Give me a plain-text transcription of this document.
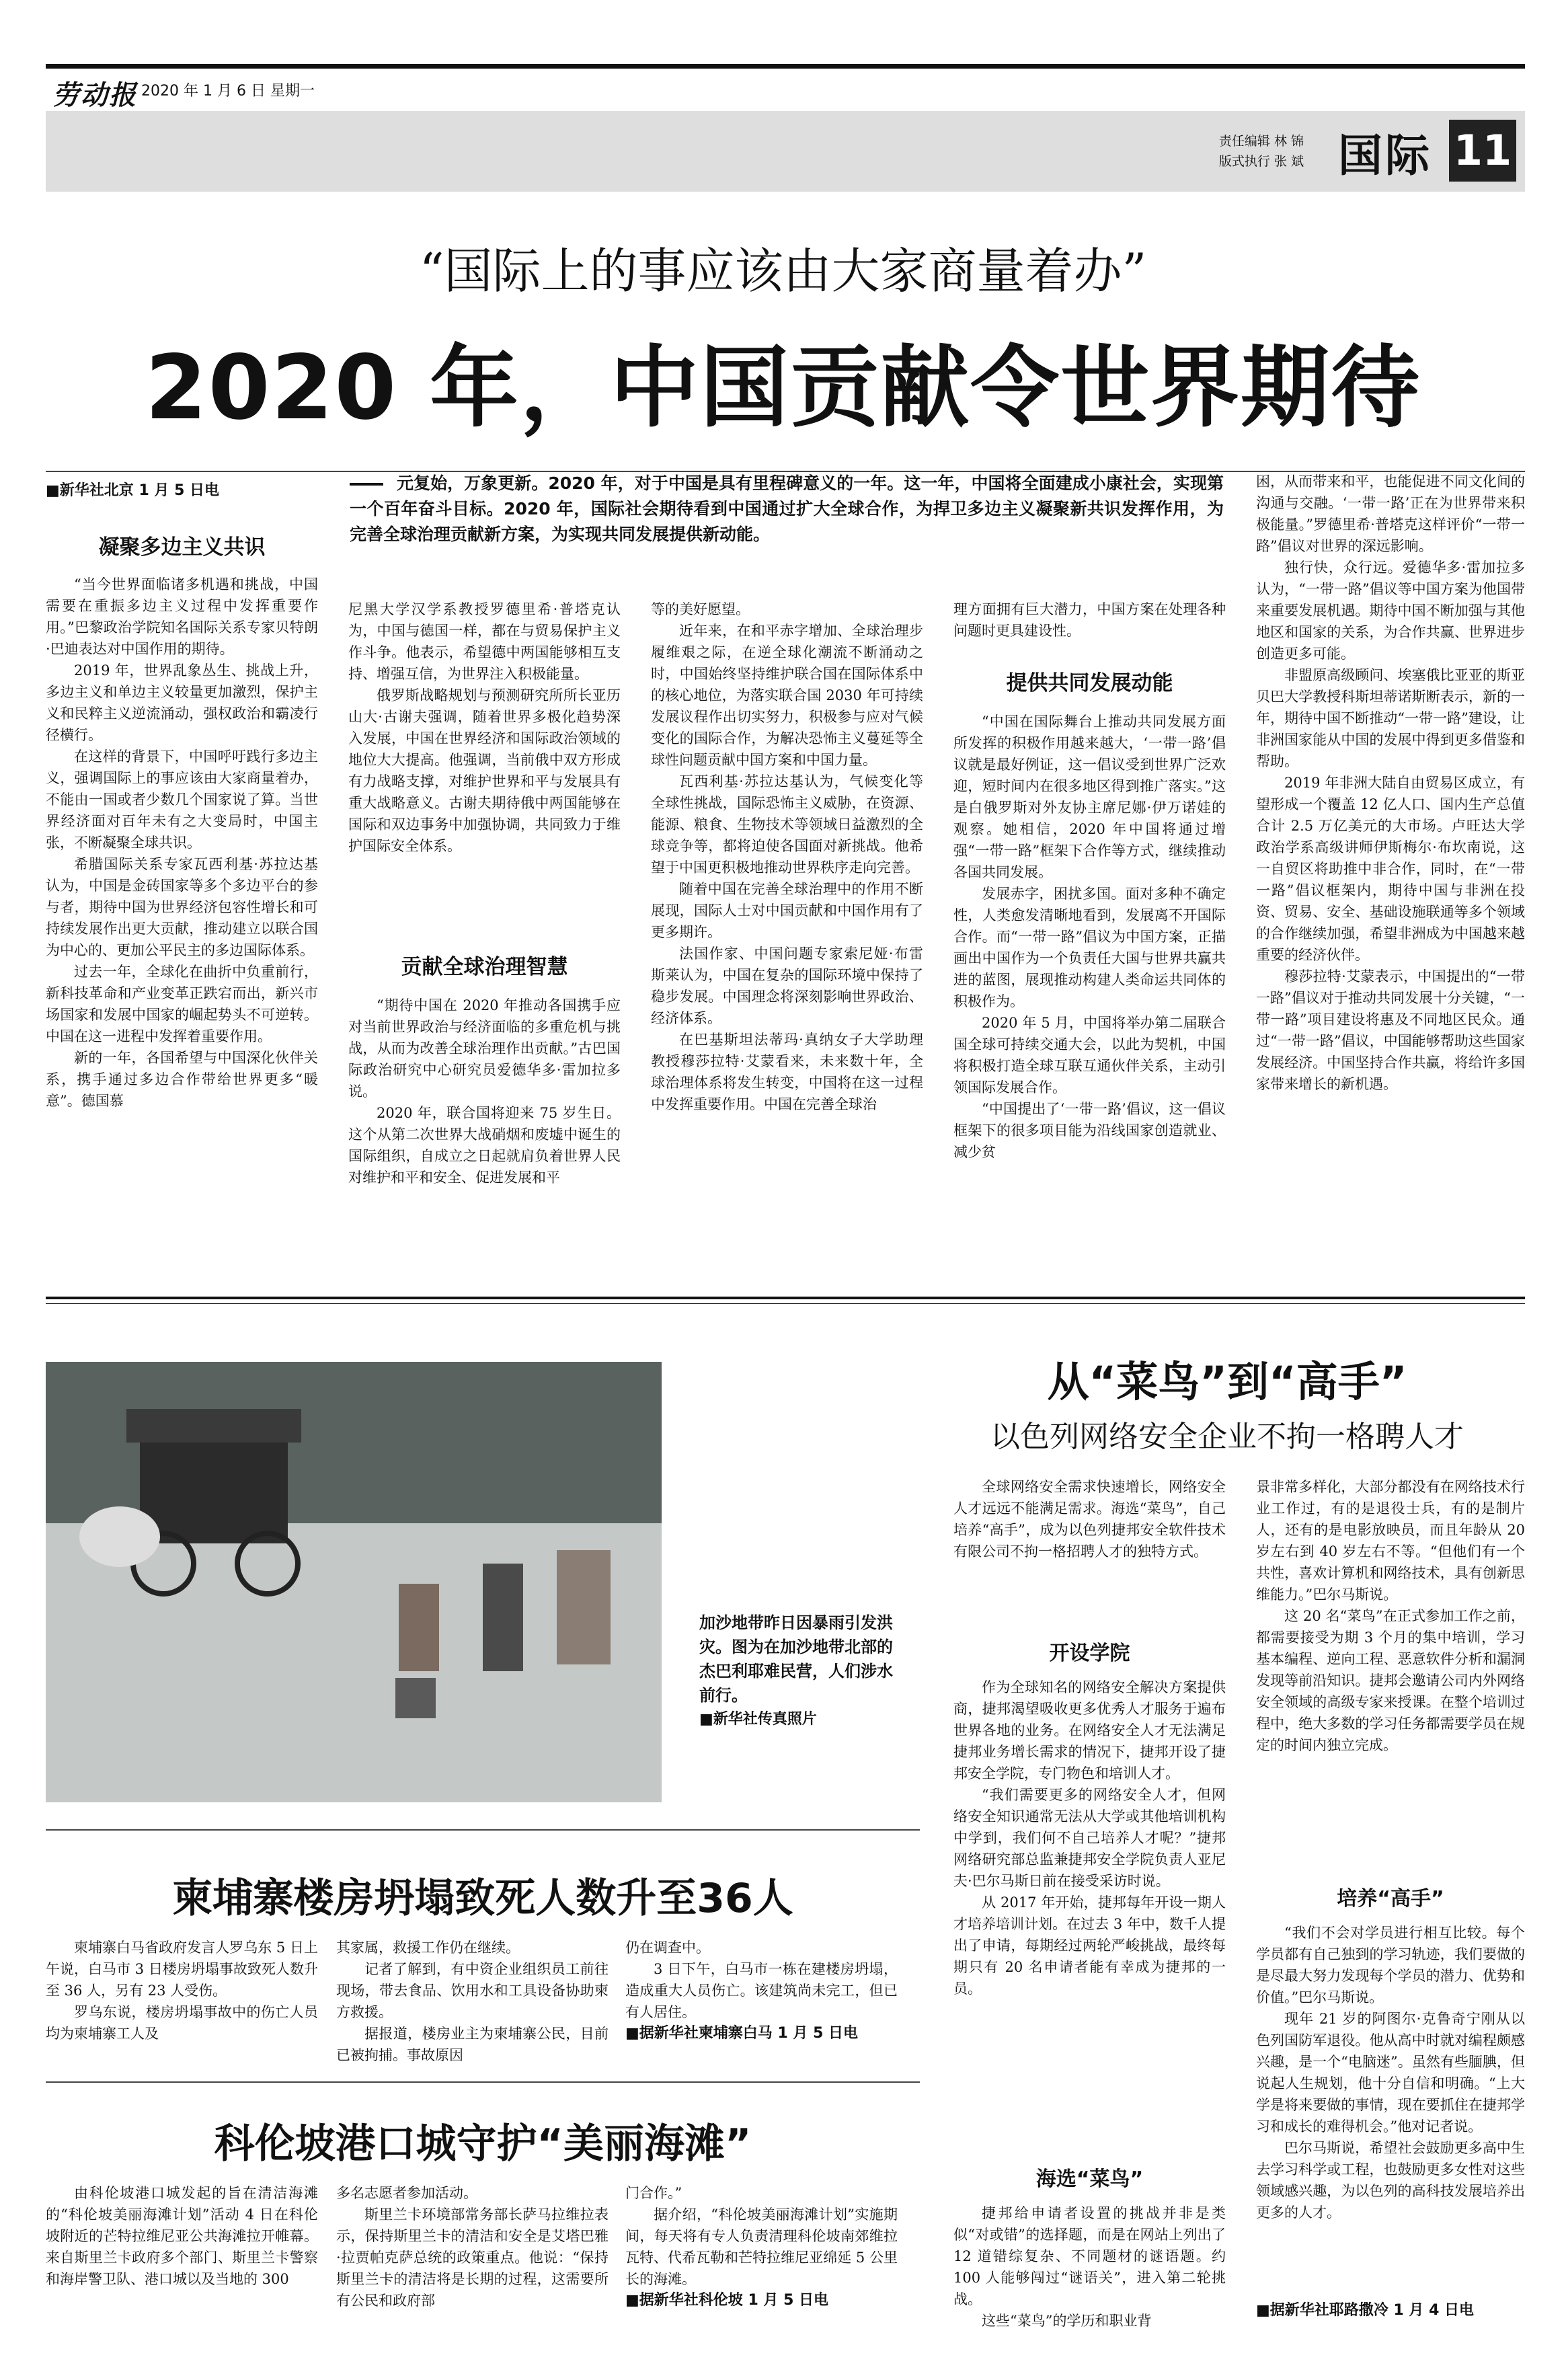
劳动报 2020 年 1 月 6 日 星期一
责任编辑 林 锦
版式执行 张 斌 国际 11
“国际上的事应该由大家商量着办”
2020 年，中国贡献令世界期待
■新华社北京 1 月 5 日电	元复始，万象更新。2020 年，对于中国是具有里程碑意义的一年。这一年，中国将全面建成小康社会，实现第一个百年奋斗目标。2020 年，国际社会期待看到中国通过扩大全球合作，为捍卫多边主义凝聚新共识发挥作用，为完善全球治理贡献新方案，为实现共同发展提供新动能。
凝聚多边主义共识

“当今世界面临诸多机遇和挑战，中国需要在重振多边主义过程中发挥重要作用。”巴黎政治学院知名国际关系专家贝特朗·巴迪表达对中国作用的期待。

2019 年，世界乱象丛生、挑战上升，多边主义和单边主义较量更加激烈，保护主义和民粹主义逆流涌动，强权政治和霸凌行径横行。

在这样的背景下，中国呼吁践行多边主义，强调国际上的事应该由大家商量着办，不能由一国或者少数几个国家说了算。当世界经济面对百年未有之大变局时，中国主张，不断凝聚全球共识。

希腊国际关系专家瓦西利基·苏拉达基认为，中国是金砖国家等多个多边平台的参与者，期待中国为世界经济包容性增长和可持续发展作出更大贡献，推动建立以联合国为中心的、更加公平民主的多边国际体系。

过去一年，全球化在曲折中负重前行，新科技革命和产业变革正跌宕而出，新兴市场国家和发展中国家的崛起势头不可逆转。中国在这一进程中发挥着重要作用。

新的一年，各国希望与中国深化伙伴关系，携手通过多边合作带给世界更多“暖意”。德国慕

尼黑大学汉学系教授罗德里希·普塔克认为，中国与德国一样，都在与贸易保护主义作斗争。他表示，希望德中两国能够相互支持、增强互信，为世界注入积极能量。

俄罗斯战略规划与预测研究所所长亚历山大·古谢夫强调，随着世界多极化趋势深入发展，中国在世界经济和国际政治领域的地位大大提高。他强调，当前俄中双方形成有力战略支撑，对维护世界和平与发展具有重大战略意义。古谢夫期待俄中两国能够在国际和双边事务中加强协调，共同致力于维护国际安全体系。

贡献全球治理智慧

“期待中国在 2020 年推动各国携手应对当前世界政治与经济面临的多重危机与挑战，从而为改善全球治理作出贡献。”古巴国际政治研究中心研究员爱德华多·雷加拉多说。

2020 年，联合国将迎来 75 岁生日。这个从第二次世界大战硝烟和废墟中诞生的国际组织，自成立之日起就肩负着世界人民对维护和平和安全、促进发展和平

等的美好愿望。

近年来，在和平赤字增加、全球治理步履维艰之际，在逆全球化潮流不断涌动之时，中国始终坚持维护联合国在国际体系中的核心地位，为落实联合国 2030 年可持续发展议程作出切实努力，积极参与应对气候变化的国际合作，为解决恐怖主义蔓延等全球性问题贡献中国方案和中国力量。

瓦西利基·苏拉达基认为，气候变化等全球性挑战，国际恐怖主义威胁，在资源、能源、粮食、生物技术等领域日益激烈的全球竞争等，都将迫使各国面对新挑战。他希望于中国更积极地推动世界秩序走向完善。

随着中国在完善全球治理中的作用不断展现，国际人士对中国贡献和中国作用有了更多期许。

法国作家、中国问题专家索尼娅·布雷斯莱认为，中国在复杂的国际环境中保持了稳步发展。中国理念将深刻影响世界政治、经济体系。

在巴基斯坦法蒂玛·真纳女子大学助理教授穆莎拉特·艾蒙看来，未来数十年，全球治理体系将发生转变，中国将在这一过程中发挥重要作用。中国在完善全球治

理方面拥有巨大潜力，中国方案在处理各种问题时更具建设性。

提供共同发展动能

“中国在国际舞台上推动共同发展方面所发挥的积极作用越来越大，‘一带一路’倡议就是最好例证，这一倡议受到世界广泛欢迎，短时间内在很多地区得到推广落实。”这是白俄罗斯对外友协主席尼娜·伊万诺娃的观察。她相信，2020 年中国将通过增强“一带一路”框架下合作等方式，继续推动各国共同发展。

发展赤字，困扰多国。面对多种不确定性，人类愈发清晰地看到，发展离不开国际合作。而“一带一路”倡议为中国方案，正描画出中国作为一个负责任大国与世界共赢共进的蓝图，展现推动构建人类命运共同体的积极作为。

2020 年 5 月，中国将举办第二届联合国全球可持续交通大会，以此为契机，中国将积极打造全球互联互通伙伴关系，主动引领国际发展合作。

“中国提出了‘一带一路’倡议，这一倡议框架下的很多项目能为沿线国家创造就业、减少贫

困，从而带来和平，也能促进不同文化间的沟通与交融。‘一带一路’正在为世界带来积极能量。”罗德里希·普塔克这样评价“一带一路”倡议对世界的深远影响。

独行快，众行远。爱德华多·雷加拉多认为，“一带一路”倡议等中国方案为他国带来重要发展机遇。期待中国不断加强与其他地区和国家的关系，为合作共赢、世界进步创造更多可能。

非盟原高级顾问、埃塞俄比亚亚的斯亚贝巴大学教授科斯坦蒂诺斯断表示，新的一年，期待中国不断推动“一带一路”建设，让非洲国家能从中国的发展中得到更多借鉴和帮助。

2019 年非洲大陆自由贸易区成立，有望形成一个覆盖 12 亿人口、国内生产总值合计 2.5 万亿美元的大市场。卢旺达大学政治学系高级讲师伊斯梅尔·布坎南说，这一自贸区将助推中非合作，同时，在“一带一路”倡议框架内，期待中国与非洲在投资、贸易、安全、基础设施联通等多个领域的合作继续加强，希望非洲成为中国越来越重要的经济伙伴。

穆莎拉特·艾蒙表示，中国提出的“一带一路”倡议对于推动共同发展十分关键，“一带一路”项目建设将惠及不同地区民众。通过“一带一路”倡议，中国能够帮助这些国家发展经济。中国坚持合作共赢，将给许多国家带来增长的新机遇。

加沙地带昨日因暴雨引发洪灾。图为在加沙地带北部的杰巴利耶难民营，人们涉水前行。
■新华社传真照片
从“菜鸟”到“高手”
以色列网络安全企业不拘一格聘人才

全球网络安全需求快速增长，网络安全人才远远不能满足需求。海选“菜鸟”，自己培养“高手”，成为以色列捷邦安全软件技术有限公司不拘一格招聘人才的独特方式。

开设学院

作为全球知名的网络安全解决方案提供商，捷邦渴望吸收更多优秀人才服务于遍布世界各地的业务。在网络安全人才无法满足捷邦业务增长需求的情况下，捷邦开设了捷邦安全学院，专门物色和培训人才。

“我们需要更多的网络安全人才，但网络安全知识通常无法从大学或其他培训机构中学到，我们何不自己培养人才呢？”捷邦网络研究部总监兼捷邦安全学院负责人亚尼夫·巴尔马斯日前在接受采访时说。

从 2017 年开始，捷邦每年开设一期人才培养培训计划。在过去 3 年中，数千人提出了申请，每期经过两轮严峻挑战，最终每期只有 20 名申请者能有幸成为捷邦的一员。

海选“菜鸟”

捷邦给申请者设置的挑战并非是类似“对或错”的选择题，而是在网站上列出了 12 道错综复杂、不同题材的谜语题。约 100 人能够闯过“谜语关”，进入第二轮挑战。

这些“菜鸟”的学历和职业背

景非常多样化，大部分都没有在网络技术行业工作过，有的是退役士兵，有的是制片人，还有的是电影放映员，而且年龄从 20 岁左右到 40 岁左右不等。“但他们有一个共性，喜欢计算机和网络技术，具有创新思维能力。”巴尔马斯说。

这 20 名“菜鸟”在正式参加工作之前，都需要接受为期 3 个月的集中培训，学习基本编程、逆向工程、恶意软件分析和漏洞发现等前沿知识。捷邦会邀请公司内外网络安全领域的高级专家来授课。在整个培训过程中，绝大多数的学习任务都需要学员在规定的时间内独立完成。

培养“高手”

“我们不会对学员进行相互比较。每个学员都有自己独到的学习轨迹，我们要做的是尽最大努力发现每个学员的潜力、优势和价值。”巴尔马斯说。

现年 21 岁的阿图尔·克鲁奇宁刚从以色列国防军退役。他从高中时就对编程颇感兴趣，是一个“电脑迷”。虽然有些腼腆，但说起人生规划，他十分自信和明确。“上大学是将来要做的事情，现在要抓住在捷邦学习和成长的难得机会。”他对记者说。

巴尔马斯说，希望社会鼓励更多高中生去学习科学或工程，也鼓励更多女性对这些领域感兴趣，为以色列的高科技发展培养出更多的人才。

■据新华社耶路撒冷 1 月 4 日电
柬埔寨楼房坍塌致死人数升至36人

柬埔寨白马省政府发言人罗乌东 5 日上午说，白马市 3 日楼房坍塌事故致死人数升至 36 人，另有 23 人受伤。

罗乌东说，楼房坍塌事故中的伤亡人员均为柬埔寨工人及

其家属，救援工作仍在继续。

记者了解到，有中资企业组织员工前往现场，带去食品、饮用水和工具设备协助柬方救援。

据报道，楼房业主为柬埔寨公民，目前已被拘捕。事故原因

仍在调查中。

3 日下午，白马市一栋在建楼房坍塌，造成重大人员伤亡。该建筑尚未完工，但已有人居住。

■据新华社柬埔寨白马 1 月 5 日电
科伦坡港口城守护“美丽海滩”

由科伦坡港口城发起的旨在清洁海滩的“科伦坡美丽海滩计划”活动 4 日在科伦坡附近的芒特拉维尼亚公共海滩拉开帷幕。来自斯里兰卡政府多个部门、斯里兰卡警察和海岸警卫队、港口城以及当地的 300

多名志愿者参加活动。

斯里兰卡环境部常务部长萨马拉维拉表示，保持斯里兰卡的清洁和安全是艾塔巴雅·拉贾帕克萨总统的政策重点。他说：“保持斯里兰卡的清洁将是长期的过程，这需要所有公民和政府部

门合作。”

据介绍，“科伦坡美丽海滩计划”实施期间，每天将有专人负责清理科伦坡南郊维拉瓦特、代希瓦勒和芒特拉维尼亚绵延 5 公里长的海滩。

■据新华社科伦坡 1 月 5 日电
